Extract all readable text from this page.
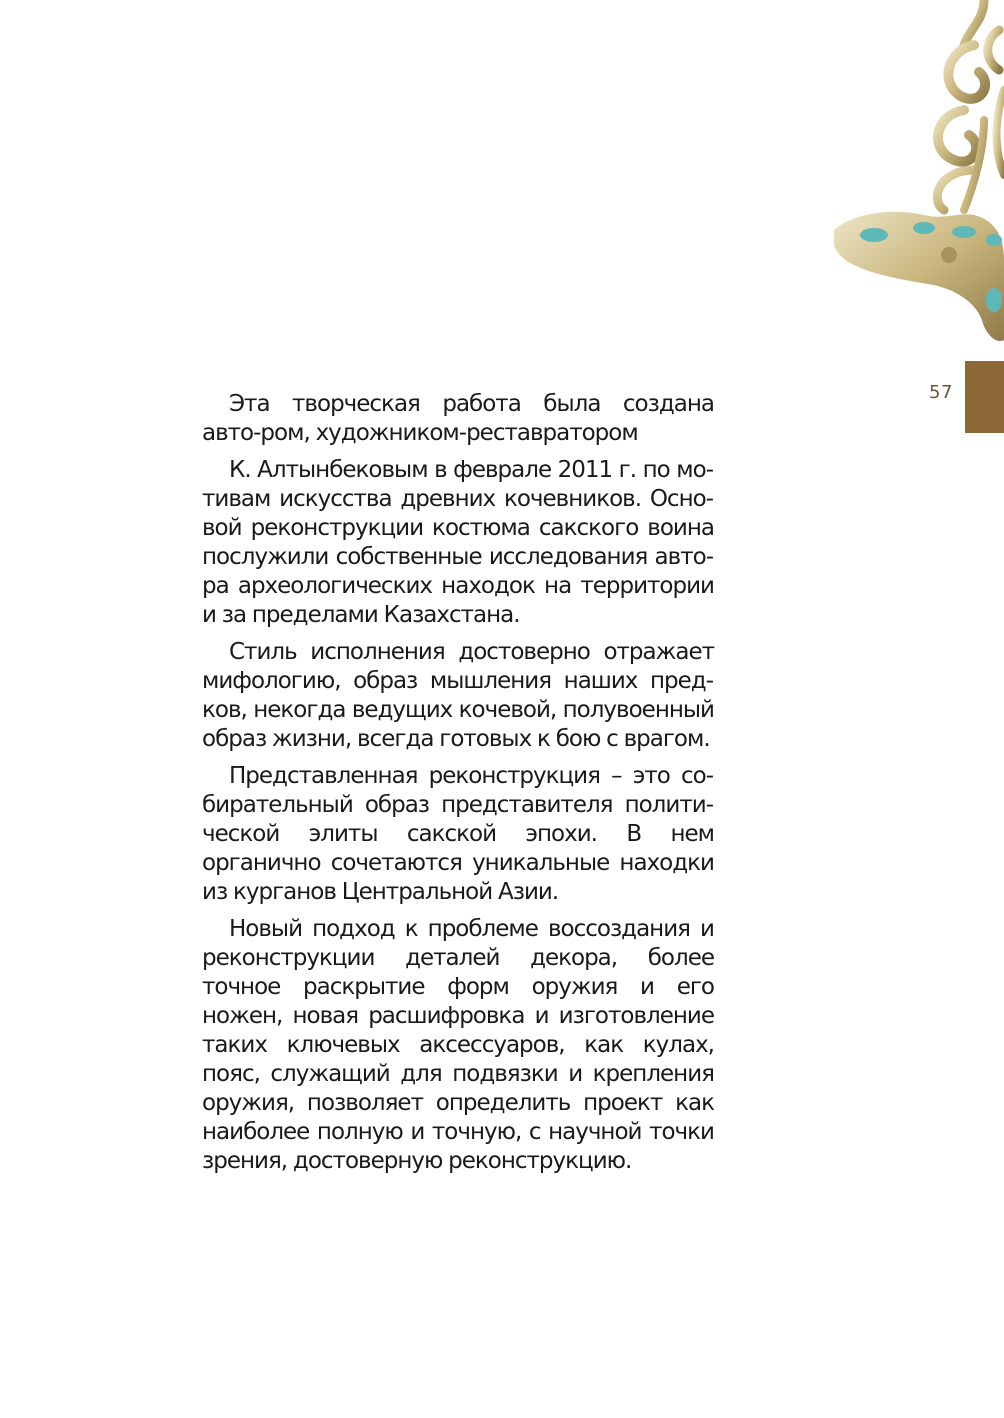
57

Эта творческая работа была создана авто-ром, художником-реставратором

К. Алтынбековым в феврале 2011 г. по мотивам искусства древних кочевников. Основой реконструкции костюма сакского воина послужили собственные исследования автора археологических находок на территории и за пределами Казахстана.

Стиль исполнения достоверно отражает мифологию, образ мышления наших предков, некогда ведущих кочевой, полувоенный образ жизни, всегда готовых к бою с врагом.

Представленная реконструкция – это собирательный образ представителя политической элиты сакской эпохи. В нем органично сочетаются уникальные находки из курганов Центральной Азии.

Новый подход к проблеме воссоздания и реконструкции деталей декора, более точное раскрытие форм оружия и его ножен, новая расшифровка и изготовление таких ключевых аксессуаров, как кулах, пояс, служащий для подвязки и крепления оружия, позволяет определить проект как наиболее полную и точную, с научной точки зрения, достоверную реконструкцию.
